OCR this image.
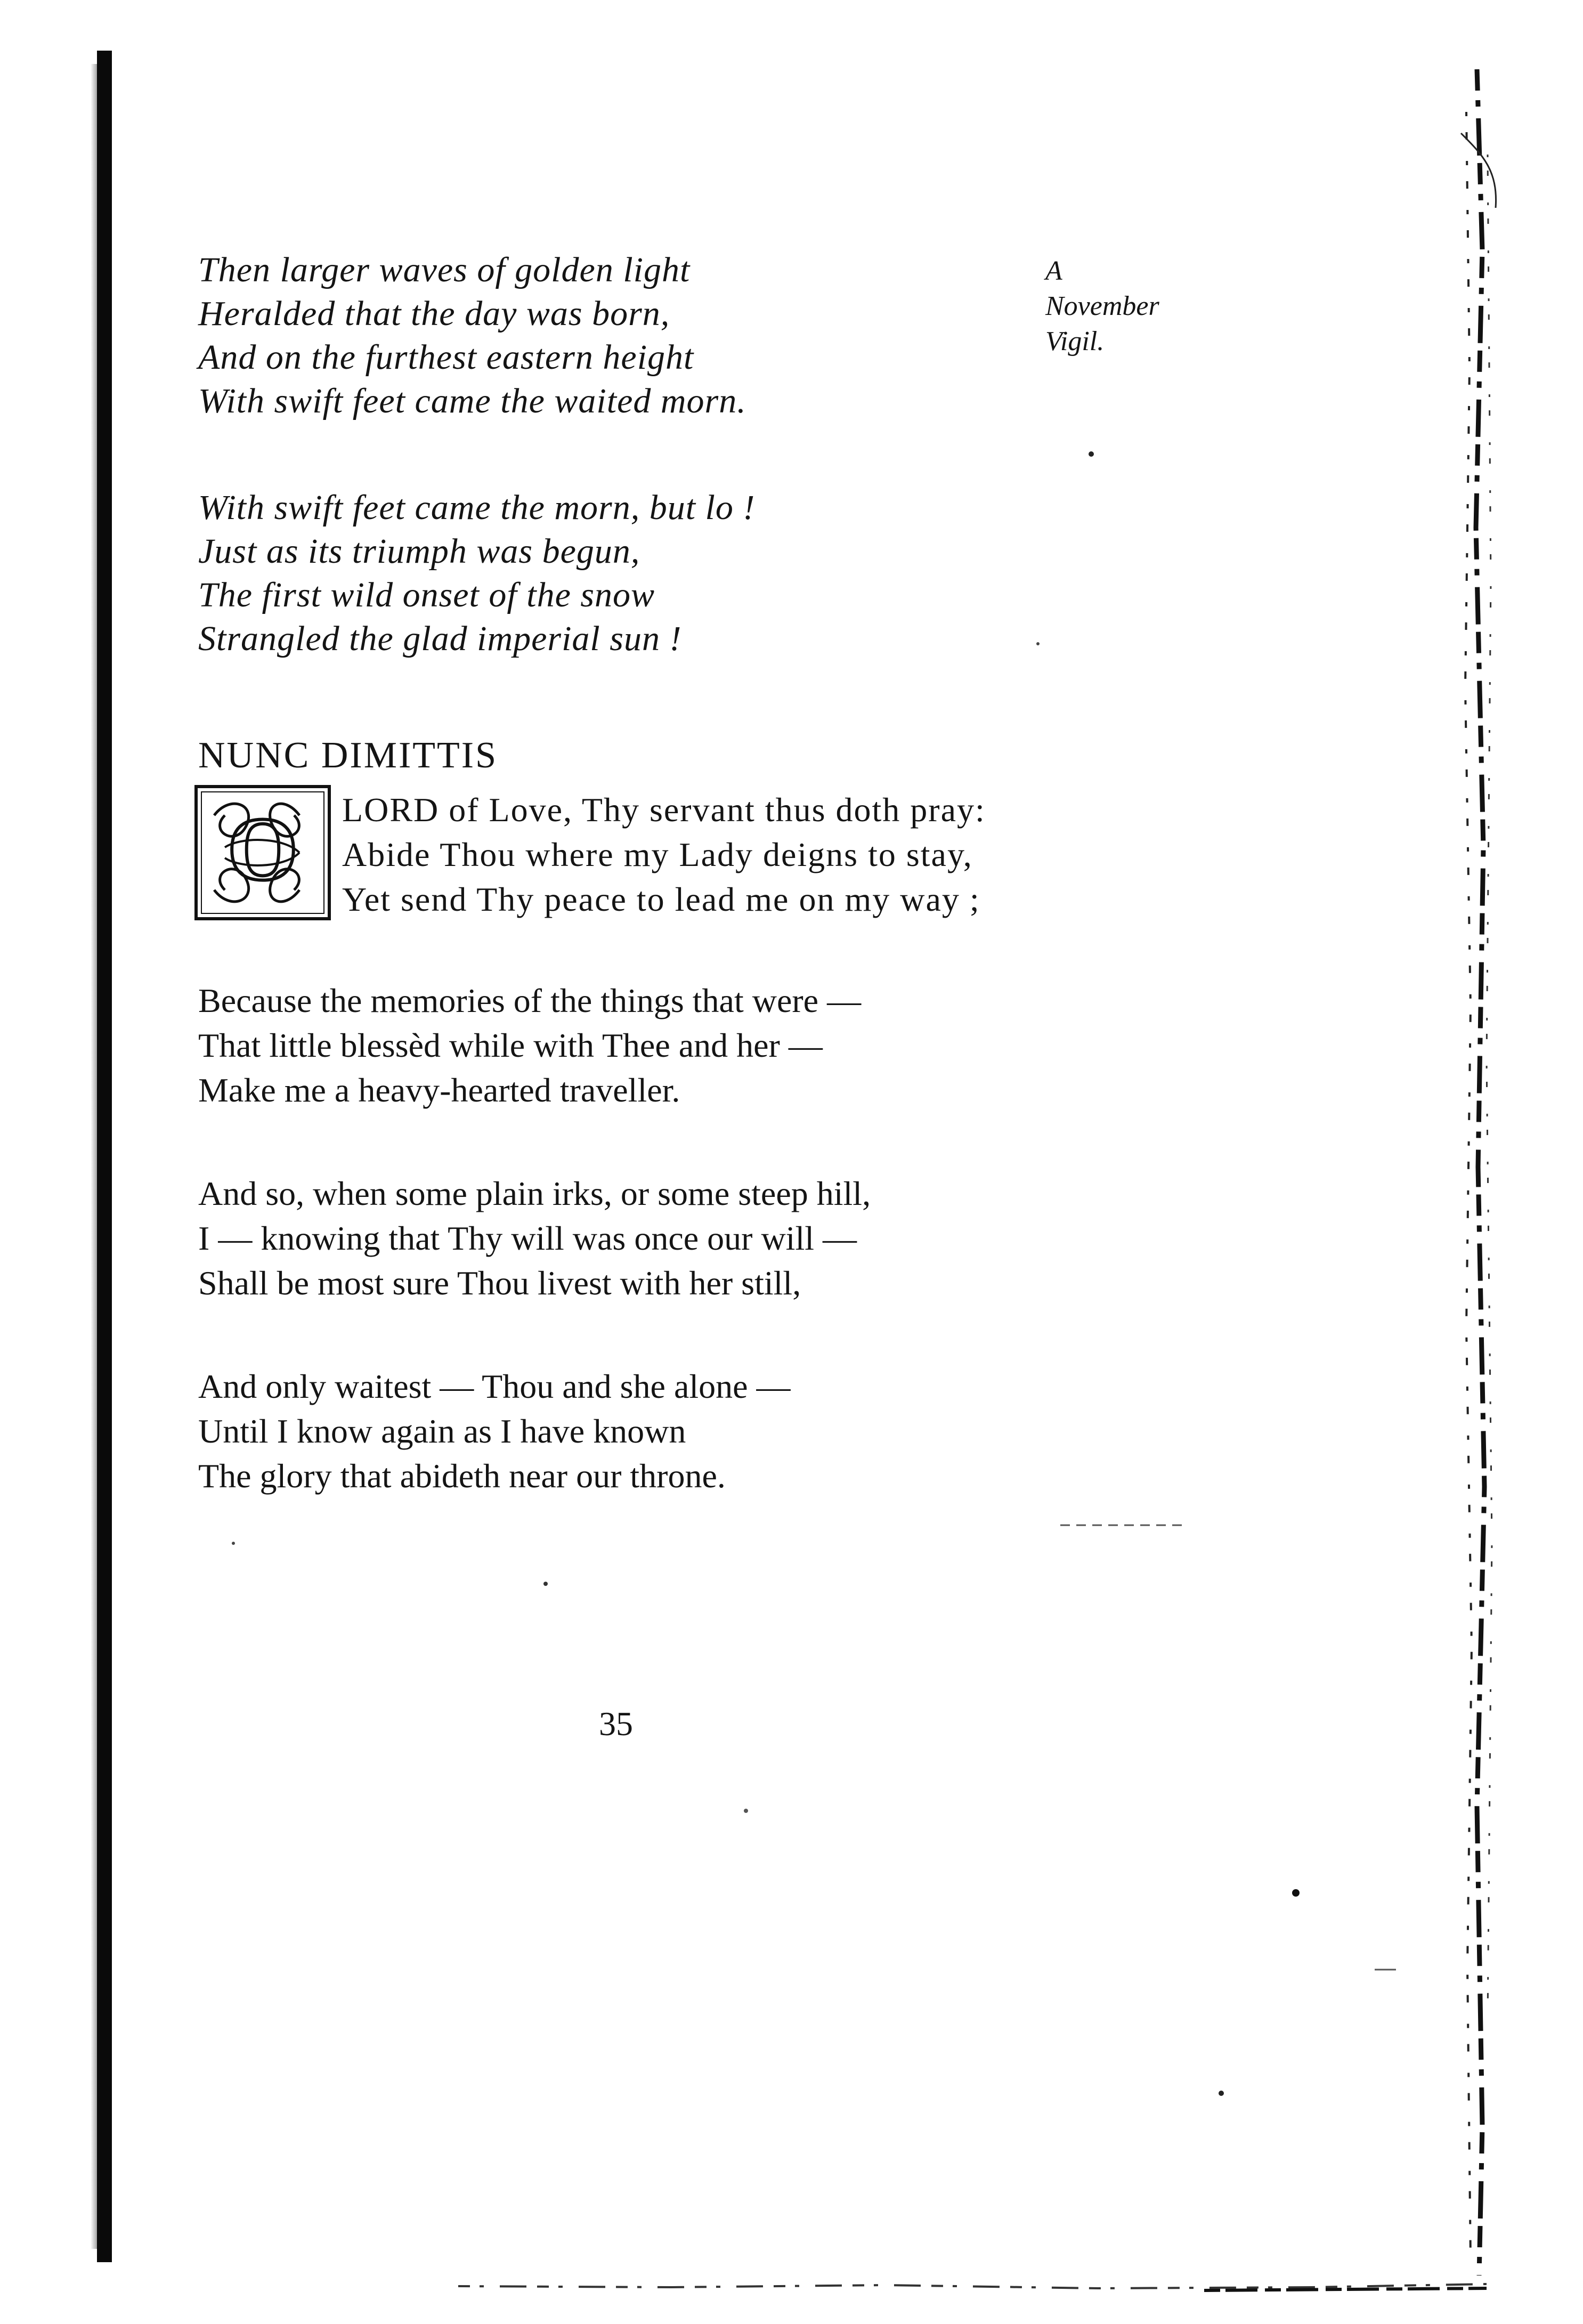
Then larger waves of golden light

Heralded that the day was born,

And on the furthest eastern height

With swift feet came the waited morn.

With swift feet came the morn, but lo !

Just as its triumph was begun,

The first wild onset of the snow

Strangled the glad imperial sun !

A
November
Vigil.
NUNC DIMITTIS
O LORD of Love, Thy servant thus doth pray:
Abide Thou where my Lady deigns to stay,
Yet send Thy peace to lead me on my way ;
Because the memories of the things that were —
That little blessèd while with Thee and her —
Make me a heavy-hearted traveller.
And so, when some plain irks, or some steep hill,
I — knowing that Thy will was once our will —
Shall be most sure Thou livest with her still,
And only waitest — Thou and she alone —
Until I know again as I have known
The glory that abideth near our throne.
35
